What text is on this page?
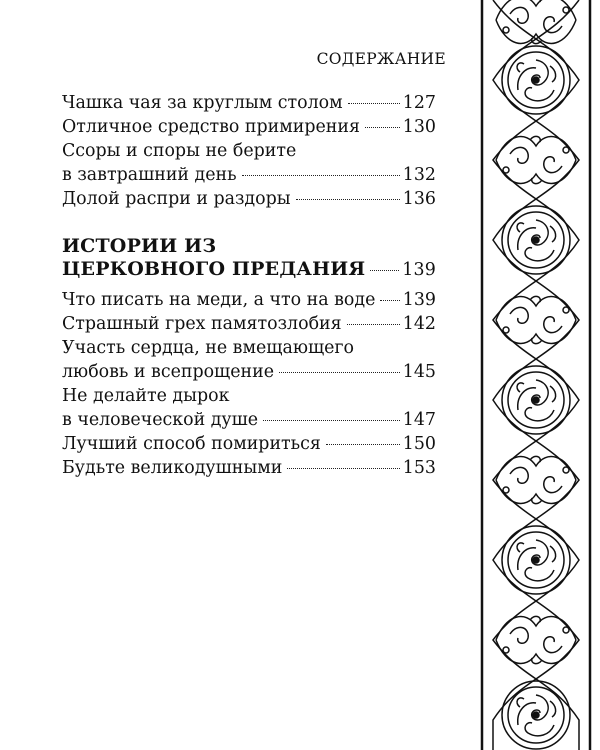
СОДЕРЖАНИЕ
Чашка чая за круглым столом	127
Отличное средство примирения 130
Ссоры и споры не берите
в завтрашний день	132
Долой распри и раздоры	136
ИСТОРИИ ИЗ
ЦЕРКОВНОГО ПРЕДАНИЯ 139
Что писать на меди, а что на воде 139
Страшный грех памятозлобия	142
Участь сердца, не вмещающего
любовь и всепрощение	145
Не делайте дырок
в человеческой душе	147
Лучший способ помириться	150
Будьте великодушными	153
